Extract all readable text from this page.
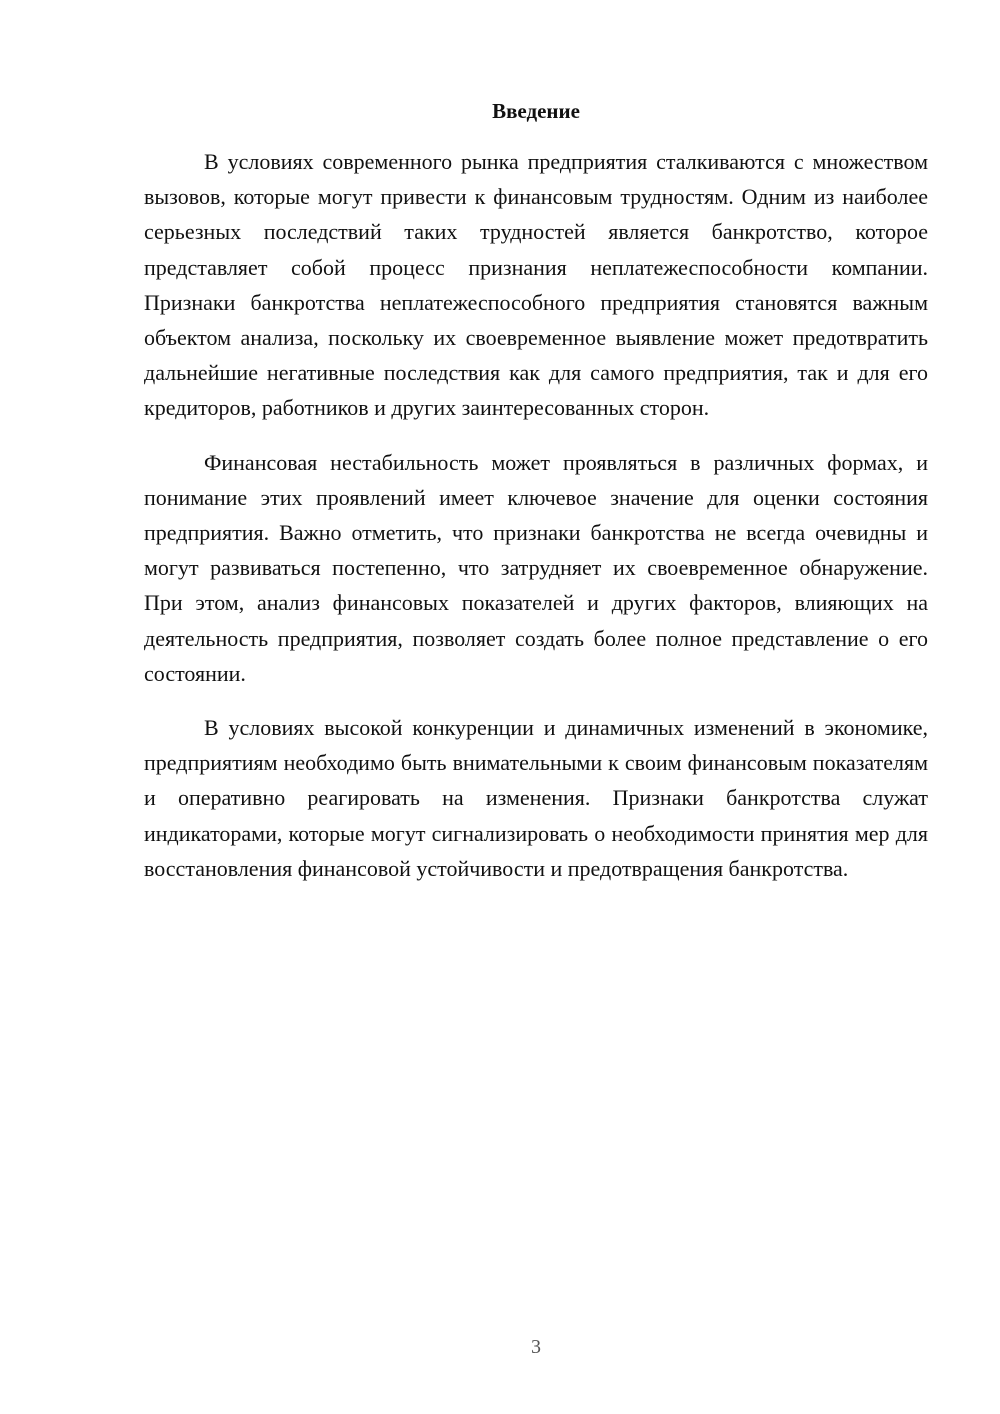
Введение

В условиях современного рынка предприятия сталкиваются с множеством вызовов, которые могут привести к финансовым трудностям. Одним из наиболее серьезных последствий таких трудностей является банкротство, которое представляет собой процесс признания неплатежеспособности компании. Признаки банкротства неплатежеспособного предприятия становятся важным объектом анализа, поскольку их своевременное выявление может предотвратить дальнейшие негативные последствия как для самого предприятия, так и для его кредиторов, работников и других заинтересованных сторон.

Финансовая нестабильность может проявляться в различных формах, и понимание этих проявлений имеет ключевое значение для оценки состояния предприятия. Важно отметить, что признаки банкротства не всегда очевидны и могут развиваться постепенно, что затрудняет их своевременное обнаружение. При этом, анализ финансовых показателей и других факторов, влияющих на деятельность предприятия, позволяет создать более полное представление о его состоянии.

В условиях высокой конкуренции и динамичных изменений в экономике, предприятиям необходимо быть внимательными к своим финансовым показателям и оперативно реагировать на изменения. Признаки банкротства служат индикаторами, которые могут сигнализировать о необходимости принятия мер для восстановления финансовой устойчивости и предотвращения банкротства.

3
